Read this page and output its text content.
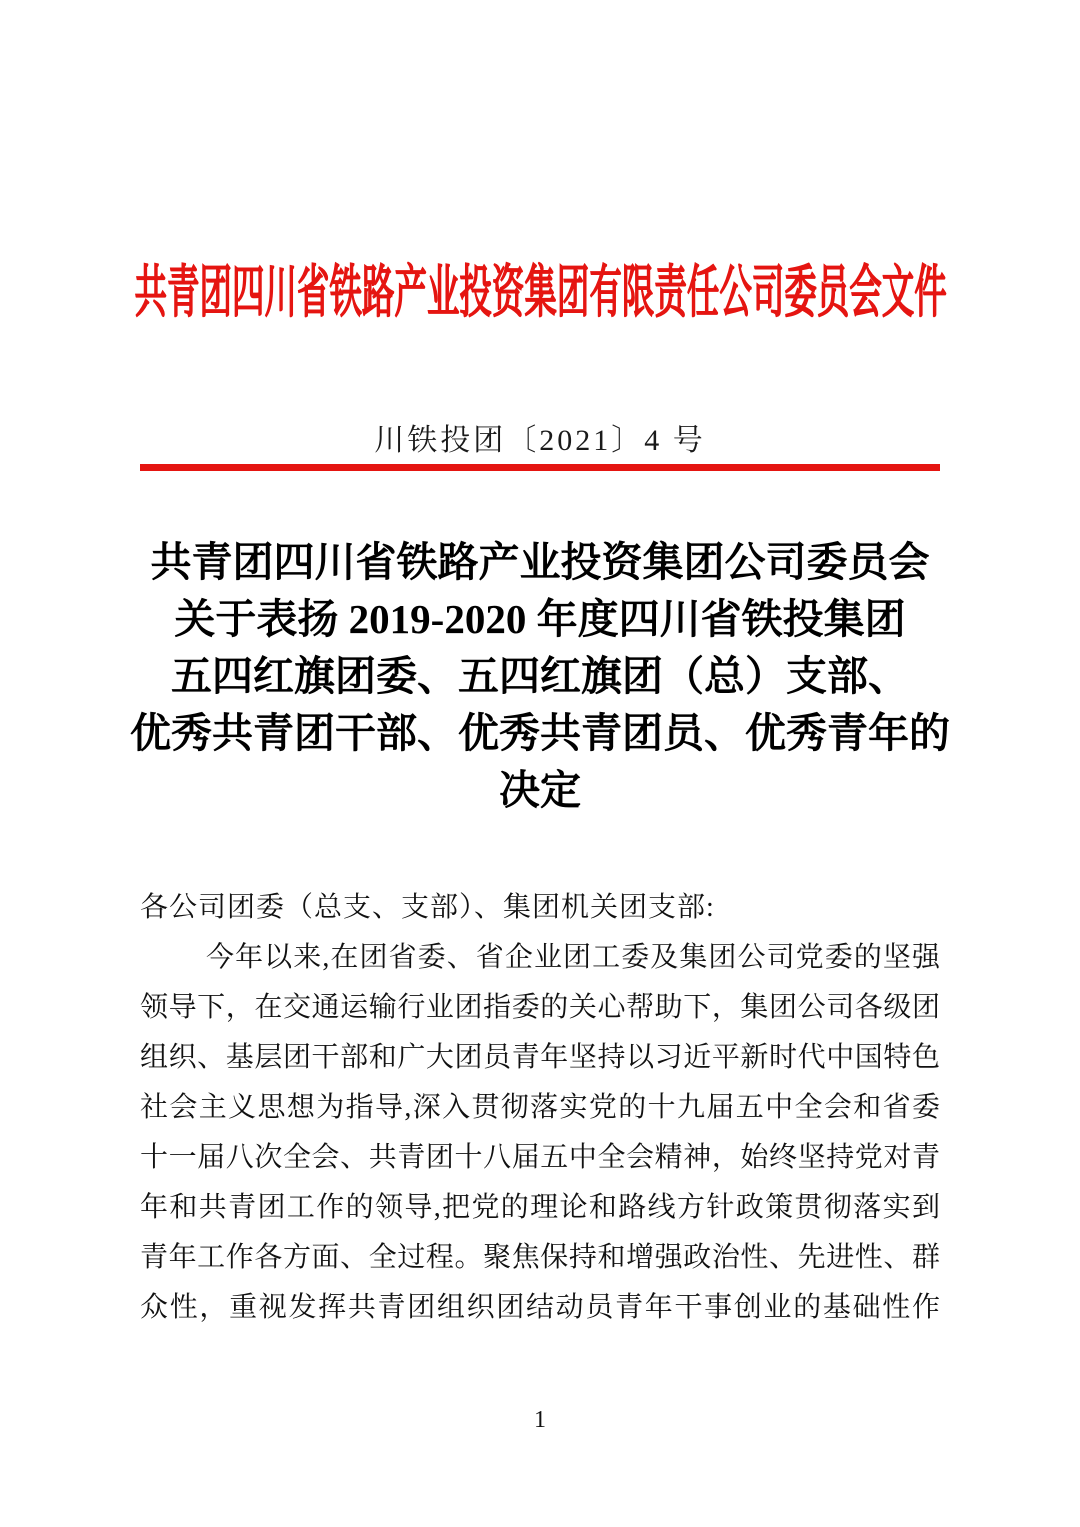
共青团四川省铁路产业投资集团有限责任公司委员会文件
川铁投团〔2021〕4 号
共青团四川省铁路产业投资集团公司委员会
关于表扬 2019-2020 年度四川省铁投集团
五四红旗团委、五四红旗团（总）支部、
优秀共青团干部、优秀共青团员、优秀青年的
决定
各公司团委（总支、支部）、集团机关团支部:
今年以来,在团省委、省企业团工委及集团公司党委的坚强
领导下，在交通运输行业团指委的关心帮助下，集团公司各级团
组织、基层团干部和广大团员青年坚持以习近平新时代中国特色
社会主义思想为指导,深入贯彻落实党的十九届五中全会和省委
十一届八次全会、共青团十八届五中全会精神，始终坚持党对青
年和共青团工作的领导,把党的理论和路线方针政策贯彻落实到
青年工作各方面、全过程。聚焦保持和增强政治性、先进性、群
众性，重视发挥共青团组织团结动员青年干事创业的基础性作
1
